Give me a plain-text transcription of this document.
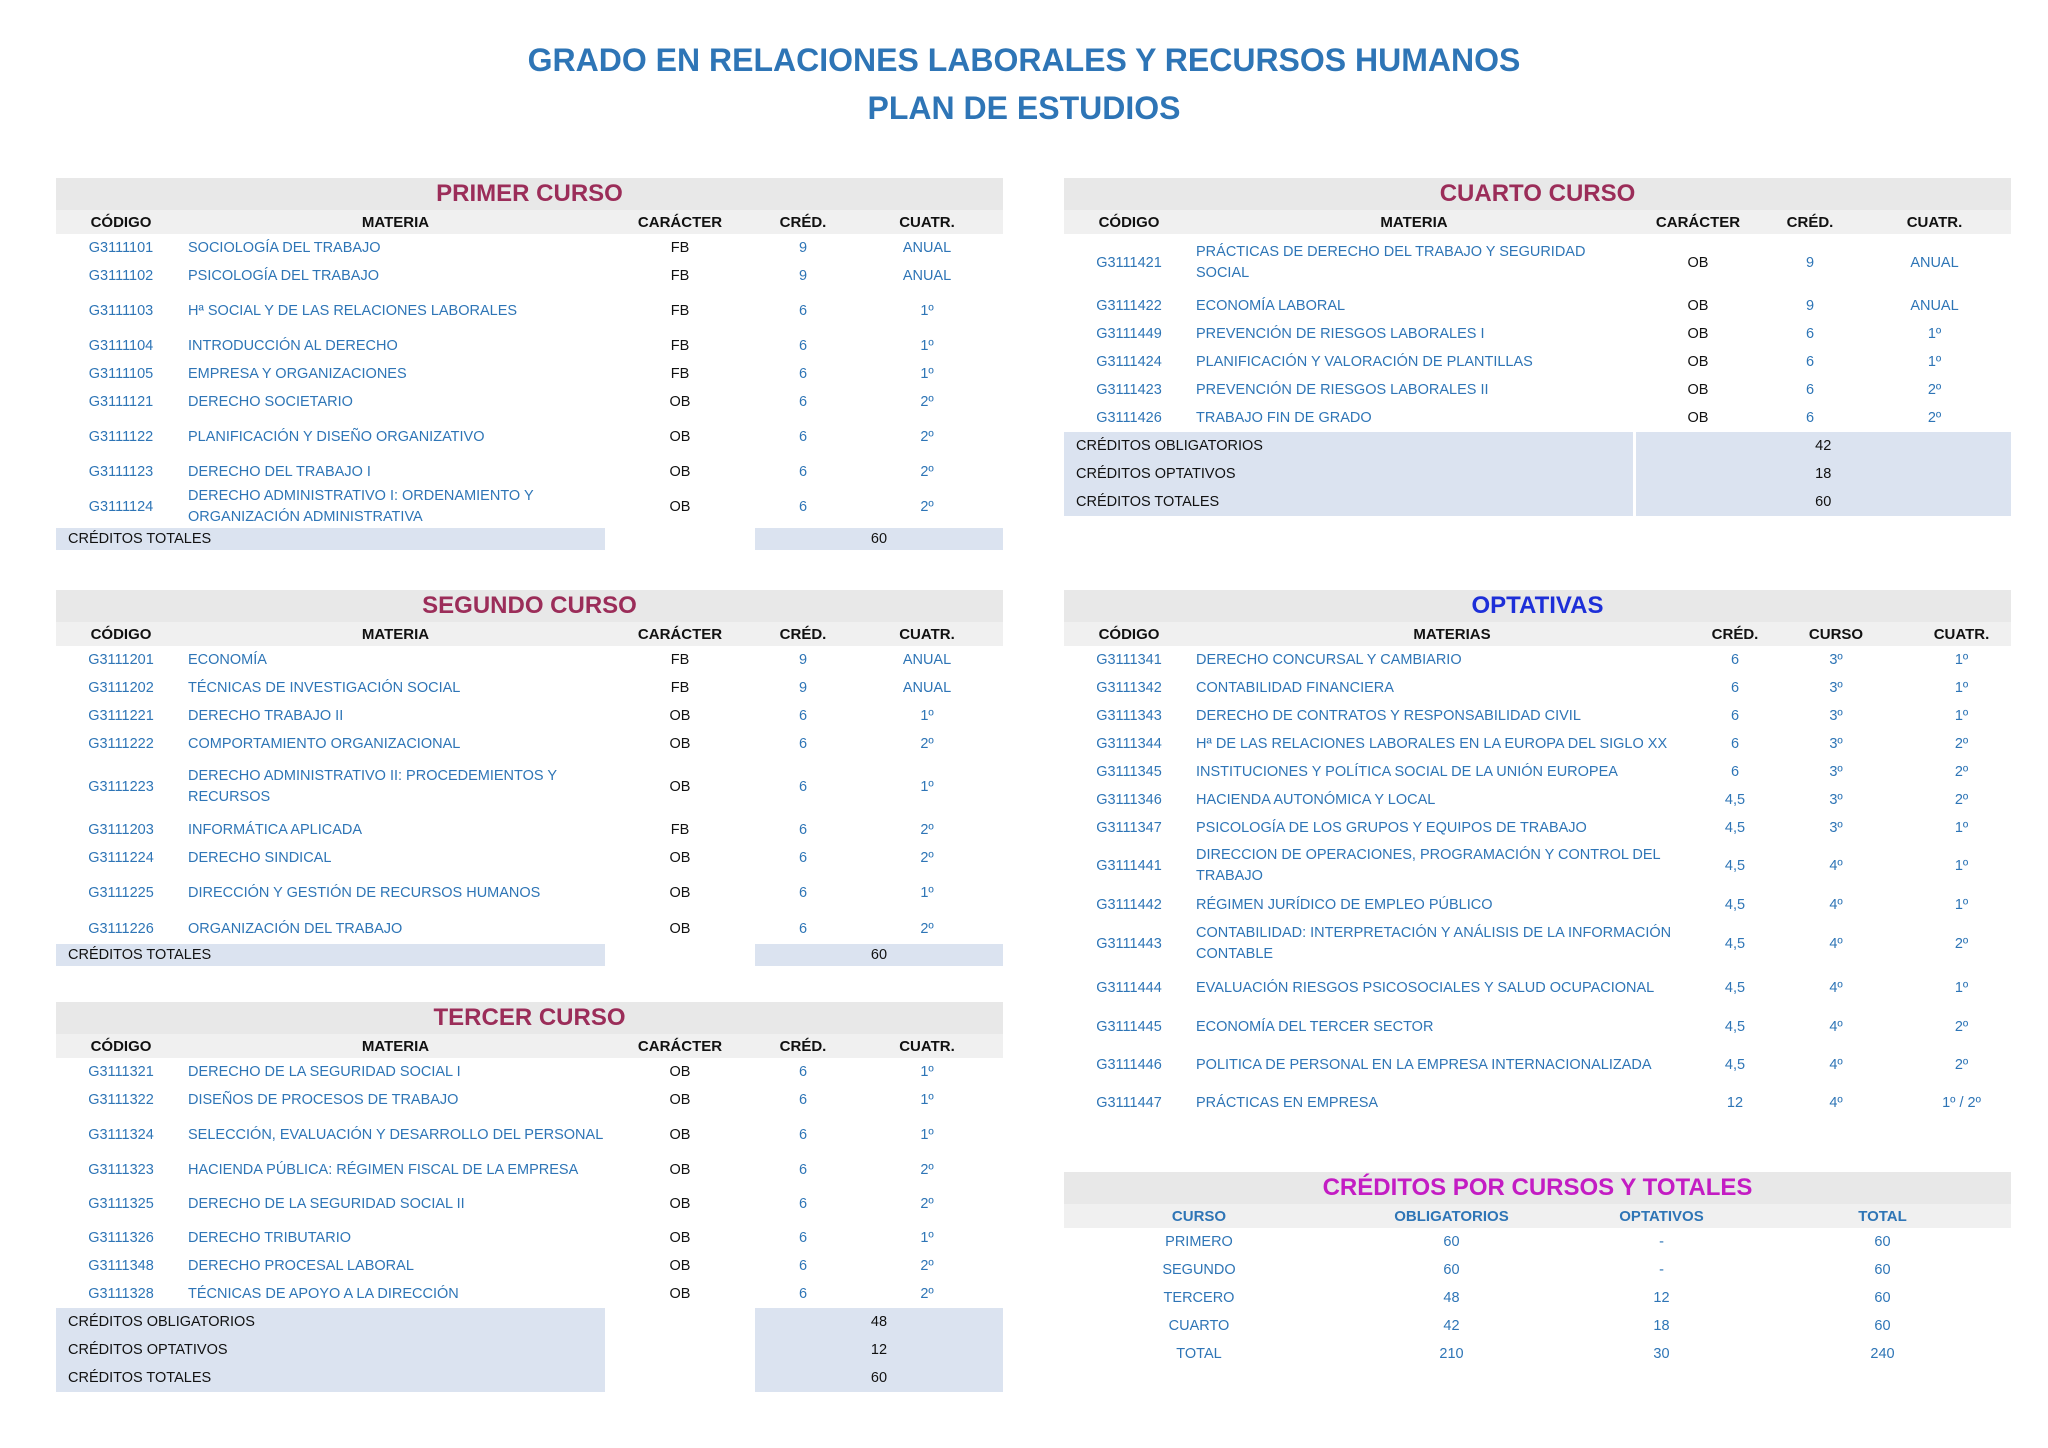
GRADO EN RELACIONES LABORALES Y RECURSOS HUMANOS
PLAN DE ESTUDIOS
PRIMER CURSO
CÓDIGO	MATERIA	CARÁCTER	CRÉD.	CUATR.
G3111101	SOCIOLOGÍA DEL TRABAJO	FB	9	ANUAL
G3111102	PSICOLOGÍA DEL TRABAJO	FB	9	ANUAL
G3111103	Hª SOCIAL Y DE LAS RELACIONES LABORALES	FB	6	1º
G3111104	INTRODUCCIÓN AL DERECHO	FB	6	1º
G3111105	EMPRESA Y ORGANIZACIONES	FB	6	1º
G3111121	DERECHO SOCIETARIO	OB	6	2º
G3111122	PLANIFICACIÓN Y DISEÑO ORGANIZATIVO	OB	6	2º
G3111123	DERECHO DEL TRABAJO I	OB	6	2º
G3111124	DERECHO ADMINISTRATIVO I: ORDENAMIENTO Y ORGANIZACIÓN ADMINISTRATIVA	OB	6	2º
CRÉDITOS TOTALES			60	
SEGUNDO CURSO
CÓDIGO	MATERIA	CARÁCTER	CRÉD.	CUATR.
G3111201	ECONOMÍA	FB	9	ANUAL
G3111202	TÉCNICAS DE INVESTIGACIÓN SOCIAL	FB	9	ANUAL
G3111221	DERECHO TRABAJO II	OB	6	1º
G3111222	COMPORTAMIENTO ORGANIZACIONAL	OB	6	2º
G3111223	DERECHO ADMINISTRATIVO II: PROCEDEMIENTOS Y RECURSOS	OB	6	1º
G3111203	INFORMÁTICA APLICADA	FB	6	2º
G3111224	DERECHO SINDICAL	OB	6	2º
G3111225	DIRECCIÓN Y GESTIÓN DE RECURSOS HUMANOS	OB	6	1º
G3111226	ORGANIZACIÓN DEL TRABAJO	OB	6	2º
CRÉDITOS TOTALES			60	
TERCER CURSO
CÓDIGO	MATERIA	CARÁCTER	CRÉD.	CUATR.
G3111321	DERECHO DE LA SEGURIDAD SOCIAL I	OB	6	1º
G3111322	DISEÑOS DE PROCESOS DE TRABAJO	OB	6	1º
G3111324	SELECCIÓN, EVALUACIÓN Y DESARROLLO DEL PERSONAL	OB	6	1º
G3111323	HACIENDA PÚBLICA: RÉGIMEN FISCAL DE LA EMPRESA	OB	6	2º
G3111325	DERECHO DE LA SEGURIDAD SOCIAL II	OB	6	2º
G3111326	DERECHO TRIBUTARIO	OB	6	1º
G3111348	DERECHO PROCESAL LABORAL	OB	6	2º
G3111328	TÉCNICAS DE APOYO A LA DIRECCIÓN	OB	6	2º
CRÉDITOS OBLIGATORIOS			48	
CRÉDITOS OPTATIVOS			12	
CRÉDITOS TOTALES			60	
CUARTO CURSO
CÓDIGO	MATERIA	CARÁCTER	CRÉD.	CUATR.
G3111421	PRÁCTICAS DE DERECHO DEL TRABAJO Y SEGURIDAD SOCIAL	OB	9	ANUAL
G3111422	ECONOMÍA LABORAL	OB	9	ANUAL
G3111449	PREVENCIÓN DE RIESGOS LABORALES I	OB	6	1º
G3111424	PLANIFICACIÓN Y VALORACIÓN DE PLANTILLAS	OB	6	1º
G3111423	PREVENCIÓN DE RIESGOS LABORALES II	OB	6	2º
G3111426	TRABAJO FIN DE GRADO	OB	6	2º
CRÉDITOS OBLIGATORIOS		42		
CRÉDITOS OPTATIVOS		18		
CRÉDITOS TOTALES		60		
OPTATIVAS
CÓDIGO	MATERIAS	CRÉD.	CURSO	CUATR.
G3111341	DERECHO CONCURSAL Y CAMBIARIO	6	3º	1º
G3111342	CONTABILIDAD FINANCIERA	6	3º	1º
G3111343	DERECHO DE CONTRATOS Y RESPONSABILIDAD CIVIL	6	3º	1º
G3111344	Hª DE LAS RELACIONES LABORALES EN LA EUROPA DEL SIGLO XX	6	3º	2º
G3111345	INSTITUCIONES Y POLÍTICA SOCIAL DE LA UNIÓN EUROPEA	6	3º	2º
G3111346	HACIENDA AUTONÓMICA Y LOCAL	4,5	3º	2º
G3111347	PSICOLOGÍA DE LOS GRUPOS Y EQUIPOS DE TRABAJO	4,5	3º	1º
G3111441	DIRECCION DE OPERACIONES, PROGRAMACIÓN Y CONTROL DEL TRABAJO	4,5	4º	1º
G3111442	RÉGIMEN JURÍDICO DE EMPLEO PÚBLICO	4,5	4º	1º
G3111443	CONTABILIDAD: INTERPRETACIÓN Y ANÁLISIS DE LA INFORMACIÓN CONTABLE	4,5	4º	2º
G3111444	EVALUACIÓN RIESGOS PSICOSOCIALES Y SALUD OCUPACIONAL	4,5	4º	1º
G3111445	ECONOMÍA DEL TERCER SECTOR	4,5	4º	2º
G3111446	POLITICA DE PERSONAL EN LA EMPRESA INTERNACIONALIZADA	4,5	4º	2º
G3111447	PRÁCTICAS EN EMPRESA	12	4º	1º / 2º
CRÉDITOS POR CURSOS Y TOTALES
CURSO	OBLIGATORIOS	OPTATIVOS	TOTAL
PRIMERO	60	-	60
SEGUNDO	60	-	60
TERCERO	48	12	60
CUARTO	42	18	60
TOTAL	210	30	240
